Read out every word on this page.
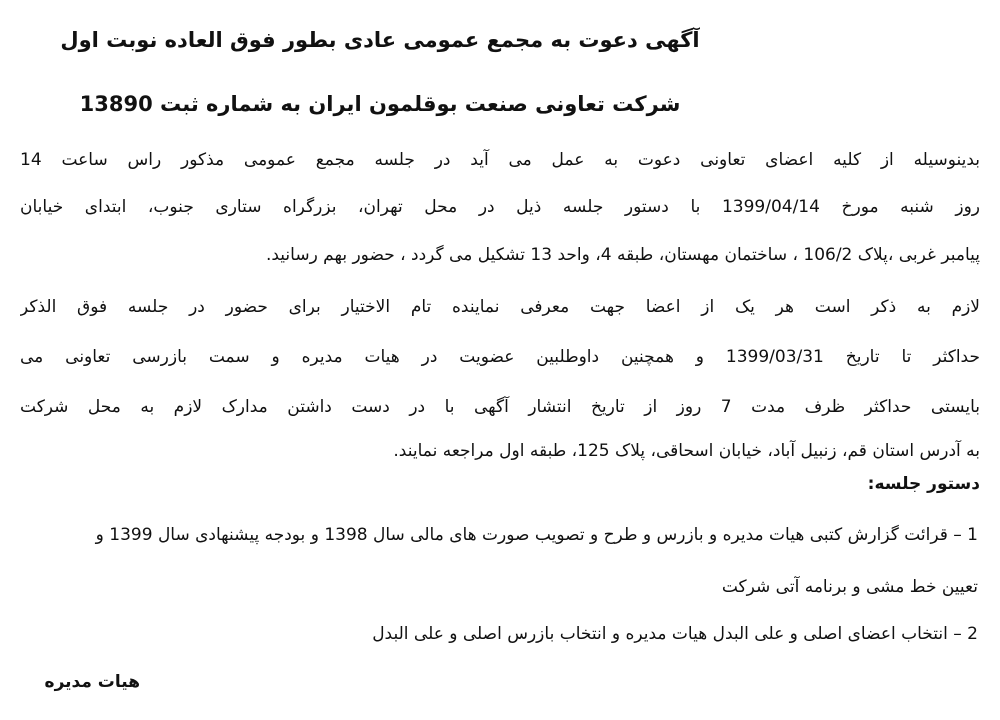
آگهی دعوت به مجمع عمومی عادی بطور فوق العاده نوبت اول
شرکت تعاونی صنعت بوقلمون ایران به شماره ثبت 13890
بدینوسیله از کلیه اعضای تعاونی دعوت به عمل می آید در جلسه مجمع عمومی مذکور راس ساعت 14
روز شنبه مورخ 1399/04/14 با دستور جلسه ذیل در محل تهران، بزرگراه ستاری جنوب، ابتدای خیابان
پیامبر غربی ،پلاک 106/2 ، ساختمان مهستان، طبقه 4، واحد 13 تشکیل می گردد ، حضور بهم رسانید.
لازم به ذکر است هر یک از اعضا جهت معرفی نماینده تام الاختیار برای حضور در جلسه فوق الذکر
حداکثر تا تاریخ 1399/03/31 و همچنین داوطلبین عضویت در هیات مدیره و سمت بازرسی تعاونی می
بایستی حداکثر ظرف مدت 7 روز از تاریخ انتشار آگهی با در دست داشتن مدارک لازم به محل شرکت
به آدرس استان قم، زنبیل آباد، خیابان اسحاقی، پلاک 125، طبقه اول مراجعه نمایند.
دستور جلسه:
1 – قرائت گزارش کتبی هیات مدیره و بازرس و طرح و تصویب صورت های مالی سال 1398 و بودجه پیشنهادی سال 1399 و
تعیین خط مشی و برنامه آتی شرکت
2 – انتخاب اعضای اصلی و علی البدل هیات مدیره و انتخاب بازرس اصلی و علی البدل
هیات مدیره
